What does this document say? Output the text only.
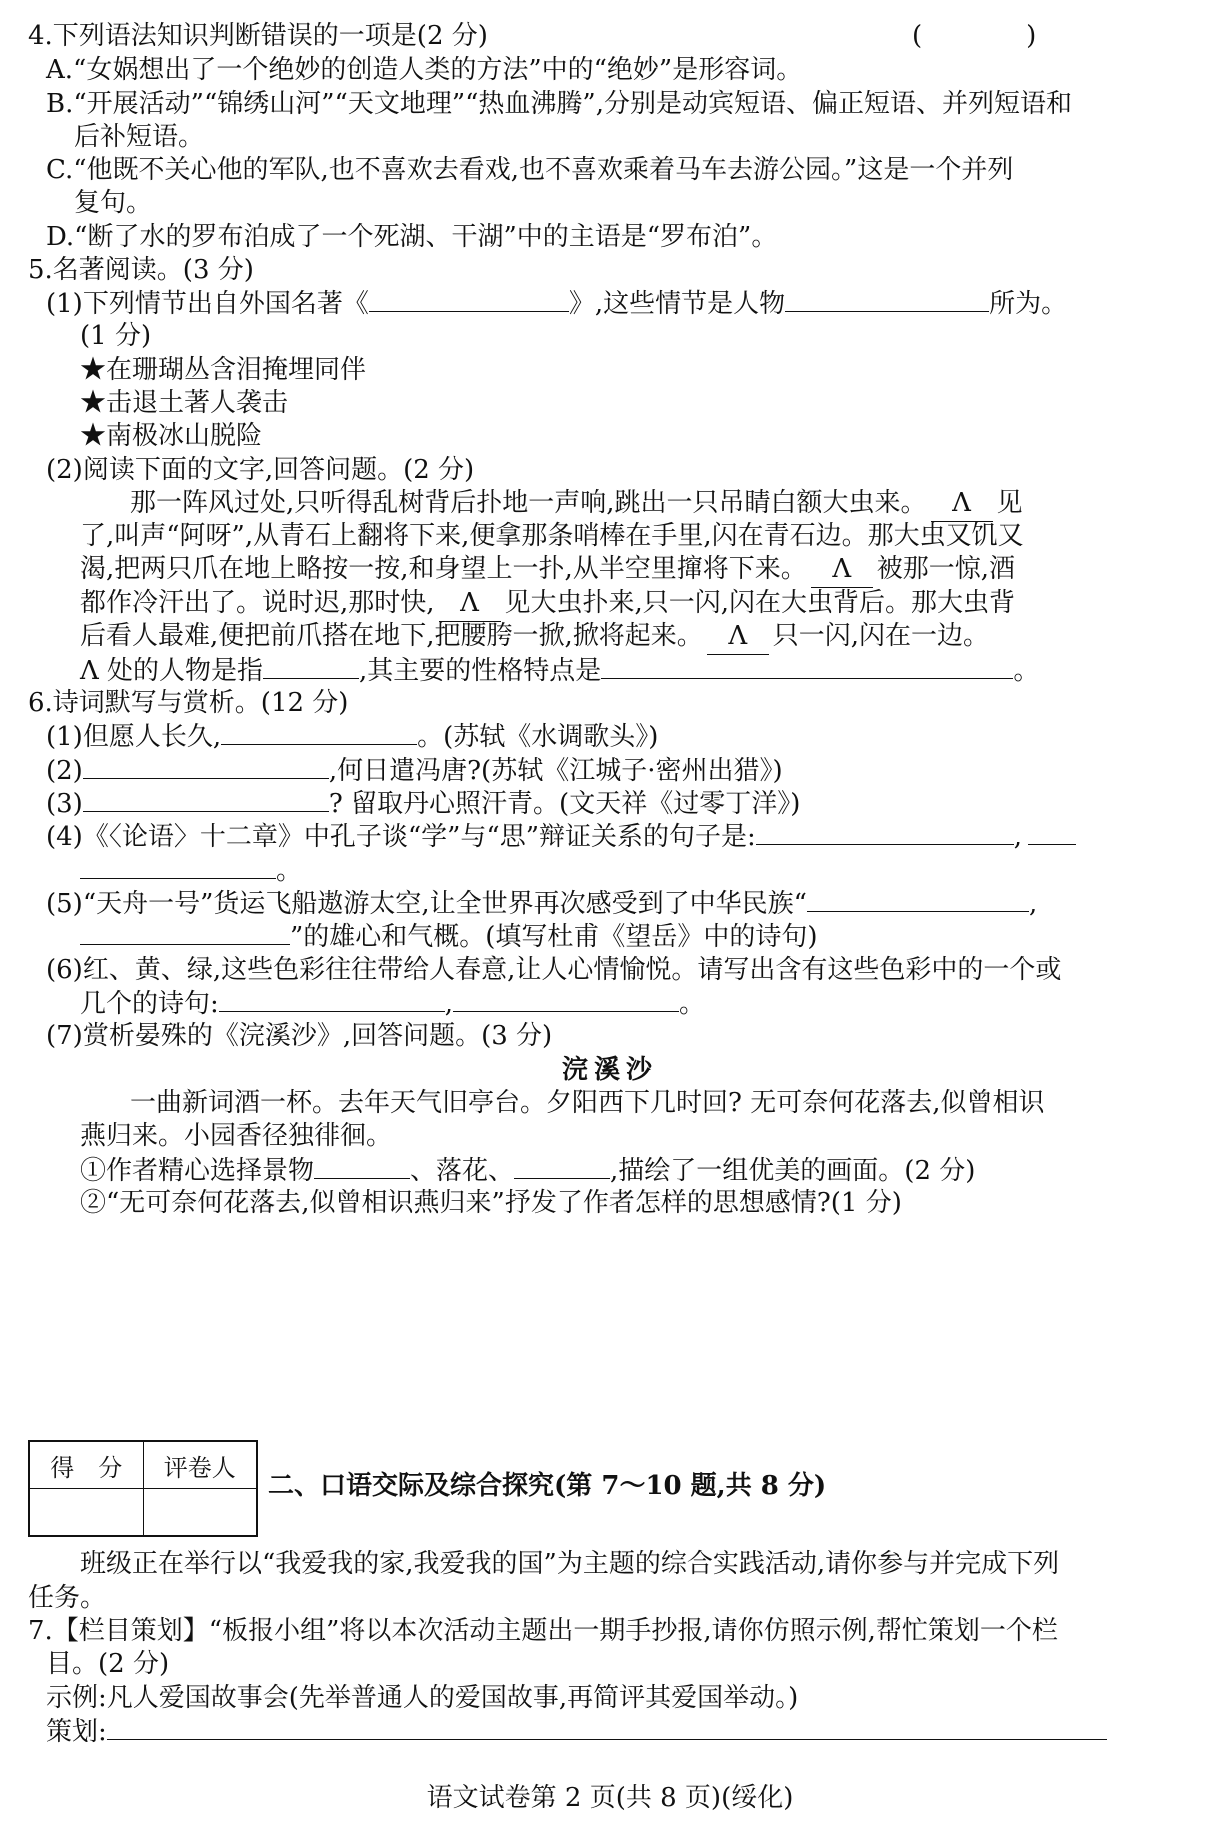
4.下列语法知识判断错误的一项是(2 分)	(　　　　)
A.“女娲想出了一个绝妙的创造人类的方法”中的“绝妙”是形容词。
B.“开展活动”“锦绣山河”“天文地理”“热血沸腾”,分别是动宾短语、偏正短语、并列短语和
后补短语。
C.“他既不关心他的军队,也不喜欢去看戏,也不喜欢乘着马车去游公园。”这是一个并列
复句。
D.“断了水的罗布泊成了一个死湖、干湖”中的主语是“罗布泊”。
5.名著阅读。(3 分)
(1)下列情节出自外国名著《	》,这些情节是人物	所为。
(1 分)
★在珊瑚丛含泪掩埋同伴
★击退土著人袭击
★南极冰山脱险
(2)阅读下面的文字,回答问题。(2 分)
那一阵风过处,只听得乱树背后扑地一声响,跳出一只吊睛白额大虫来。 Λ 见
了,叫声“阿呀”,从青石上翻将下来,便拿那条哨棒在手里,闪在青石边。那大虫又饥又
渴,把两只爪在地上略按一按,和身望上一扑,从半空里撺将下来。 Λ 被那一惊,酒
都作冷汗出了。说时迟,那时快, Λ 见大虫扑来,只一闪,闪在大虫背后。那大虫背
后看人最难,便把前爪搭在地下,把腰胯一掀,掀将起来。 Λ 只一闪,闪在一边。
Λ 处的人物是指	,其主要的性格特点是	。
6.诗词默写与赏析。(12 分)
(1)但愿人长久,	。(苏轼《水调歌头》)
(2)	,何日遣冯唐?(苏轼《江城子·密州出猎》)
(3)	? 留取丹心照汗青。(文天祥《过零丁洋》)
(4)《〈论语〉十二章》中孔子谈“学”与“思”辩证关系的句子是:	,
。
(5)“天舟一号”货运飞船遨游太空,让全世界再次感受到了中华民族“	,
”的雄心和气概。(填写杜甫《望岳》中的诗句)
(6)红、黄、绿,这些色彩往往带给人春意,让人心情愉悦。请写出含有这些色彩中的一个或
几个的诗句:	,	。
(7)赏析晏殊的《浣溪沙》,回答问题。(3 分)
浣溪沙
一曲新词酒一杯。去年天气旧亭台。夕阳西下几时回? 无可奈何花落去,似曾相识
燕归来。小园香径独徘徊。
①作者精心选择景物	、落花、	,描绘了一组优美的画面。(2 分)
②“无可奈何花落去,似曾相识燕归来”抒发了作者怎样的思想感情?(1 分)
得　分	评卷人

二、口语交际及综合探究(第 7～10 题,共 8 分)
班级正在举行以“我爱我的家,我爱我的国”为主题的综合实践活动,请你参与并完成下列
任务。
7.【栏目策划】“板报小组”将以本次活动主题出一期手抄报,请你仿照示例,帮忙策划一个栏
目。(2 分)
示例:凡人爱国故事会(先举普通人的爱国故事,再简评其爱国举动。)
策划:
语文试卷第 2 页(共 8 页)(绥化)
